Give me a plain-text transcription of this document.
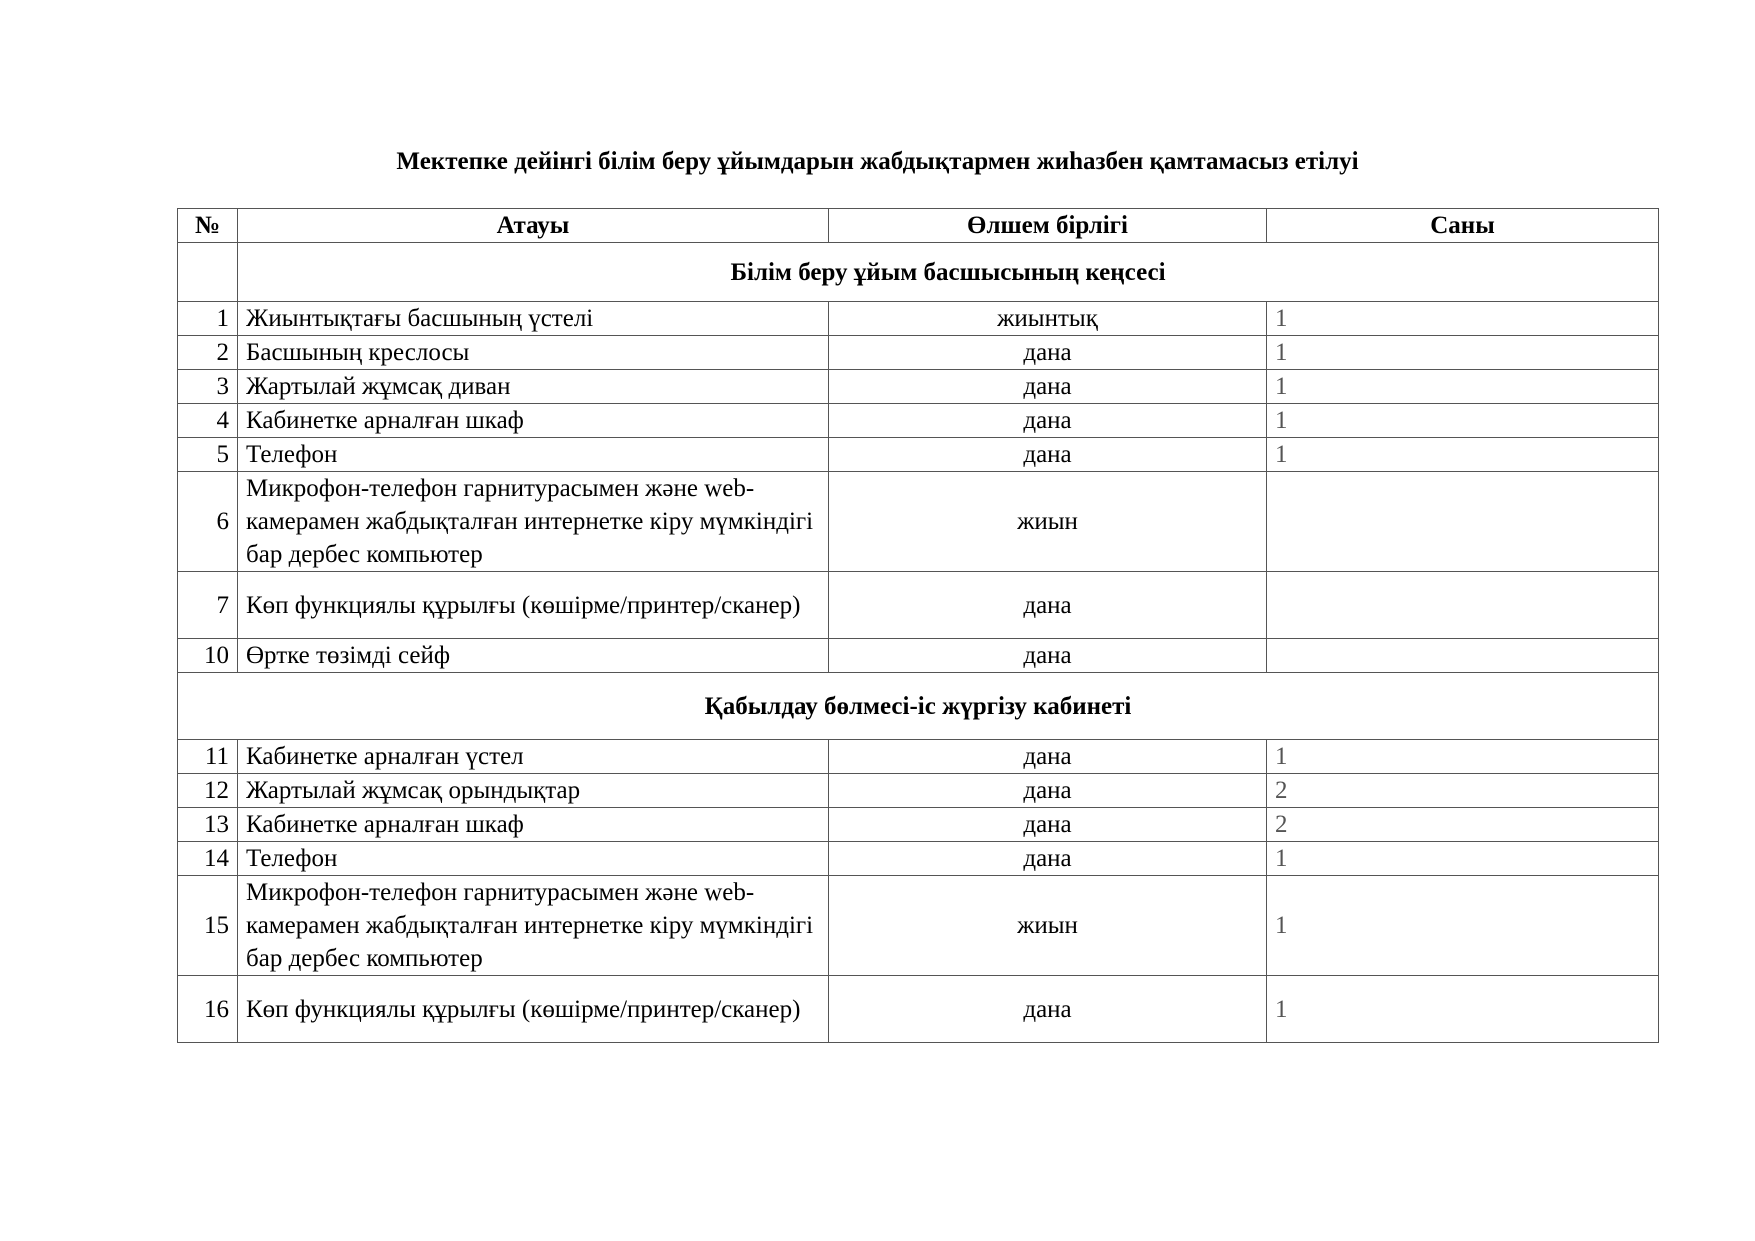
Мектепке дейінгі білім беру ұйымдарын жабдықтармен жиһазбен қамтамасыз етілуі
№	Атауы	Өлшем бірлігі	Саны
	Білім беру ұйым басшысының кеңсесі		
1	Жиынтықтағы басшының үстелі	жиынтық	1
2	Басшының креслосы	дана	1
3	Жартылай жұмсақ диван	дана	1
4	Кабинетке арналған шкаф	дана	1
5	Телефон	дана	1
6	Микрофон-телефон гарнитурасымен және web-камерамен жабдықталған интернетке кіру мүмкіндігі бар дербес компьютер	жиын	
7	Көп функциялы құрылғы (көшірме/принтер/сканер)	дана	
10	Өртке төзімді сейф	дана	
Қабылдау бөлмесі-іс жүргізу кабинеті			
11	Кабинетке арналған үстел	дана	1
12	Жартылай жұмсақ орындықтар	дана	2
13	Кабинетке арналған шкаф	дана	2
14	Телефон	дана	1
15	Микрофон-телефон гарнитурасымен және web-камерамен жабдықталған интернетке кіру мүмкіндігі бар дербес компьютер	жиын	1
16	Көп функциялы құрылғы (көшірме/принтер/сканер)	дана	1
